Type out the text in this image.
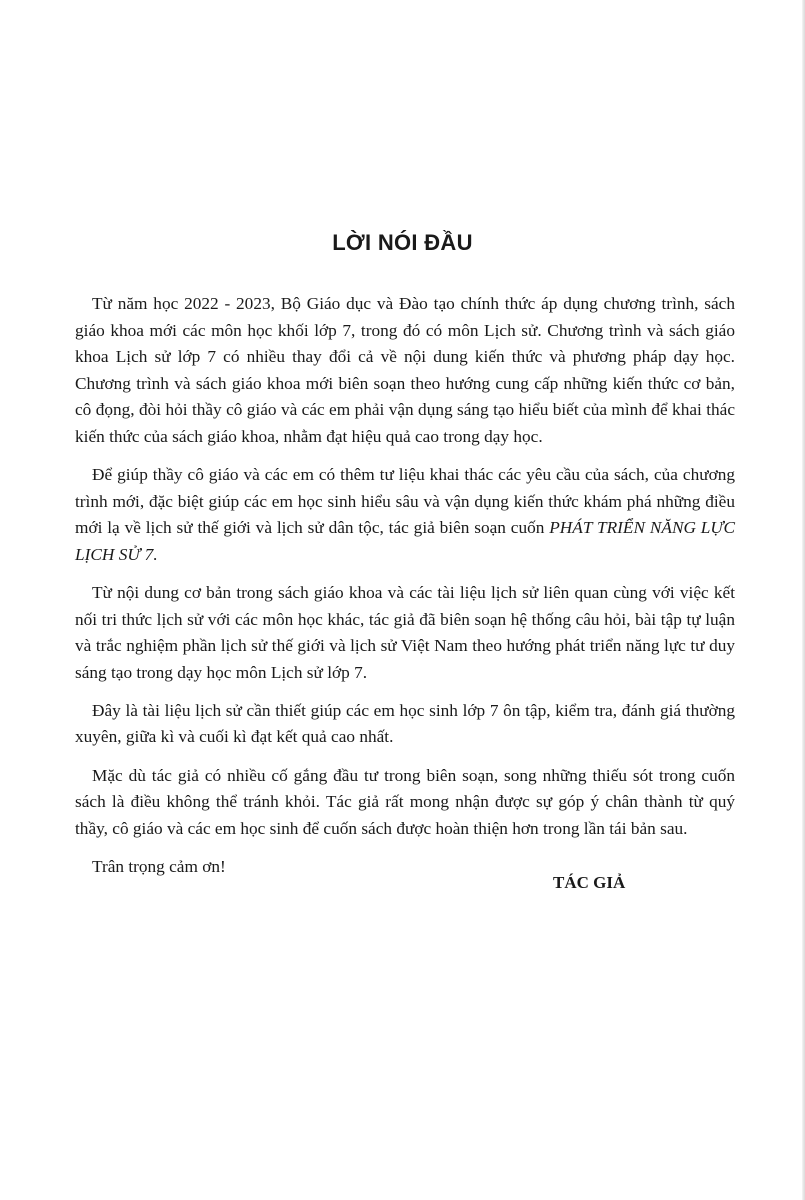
LỜI NÓI ĐẦU

Từ năm học 2022 - 2023, Bộ Giáo dục và Đào tạo chính thức áp dụng chương trình, sách giáo khoa mới các môn học khối lớp 7, trong đó có môn Lịch sử. Chương trình và sách giáo khoa Lịch sử lớp 7 có nhiều thay đổi cả về nội dung kiến thức và phương pháp dạy học. Chương trình và sách giáo khoa mới biên soạn theo hướng cung cấp những kiến thức cơ bản, cô đọng, đòi hỏi thầy cô giáo và các em phải vận dụng sáng tạo hiểu biết của mình để khai thác kiến thức của sách giáo khoa, nhằm đạt hiệu quả cao trong dạy học.

Để giúp thầy cô giáo và các em có thêm tư liệu khai thác các yêu cầu của sách, của chương trình mới, đặc biệt giúp các em học sinh hiểu sâu và vận dụng kiến thức khám phá những điều mới lạ về lịch sử thế giới và lịch sử dân tộc, tác giả biên soạn cuốn PHÁT TRIỂN NĂNG LỰC LỊCH SỬ 7.

Từ nội dung cơ bản trong sách giáo khoa và các tài liệu lịch sử liên quan cùng với việc kết nối tri thức lịch sử với các môn học khác, tác giả đã biên soạn hệ thống câu hỏi, bài tập tự luận và trắc nghiệm phần lịch sử thế giới và lịch sử Việt Nam theo hướng phát triển năng lực tư duy sáng tạo trong dạy học môn Lịch sử lớp 7.

Đây là tài liệu lịch sử cần thiết giúp các em học sinh lớp 7 ôn tập, kiểm tra, đánh giá thường xuyên, giữa kì và cuối kì đạt kết quả cao nhất.

Mặc dù tác giả có nhiều cố gắng đầu tư trong biên soạn, song những thiếu sót trong cuốn sách là điều không thể tránh khỏi. Tác giả rất mong nhận được sự góp ý chân thành từ quý thầy, cô giáo và các em học sinh để cuốn sách được hoàn thiện hơn trong lần tái bản sau.

Trân trọng cảm ơn!

TÁC GIẢ
